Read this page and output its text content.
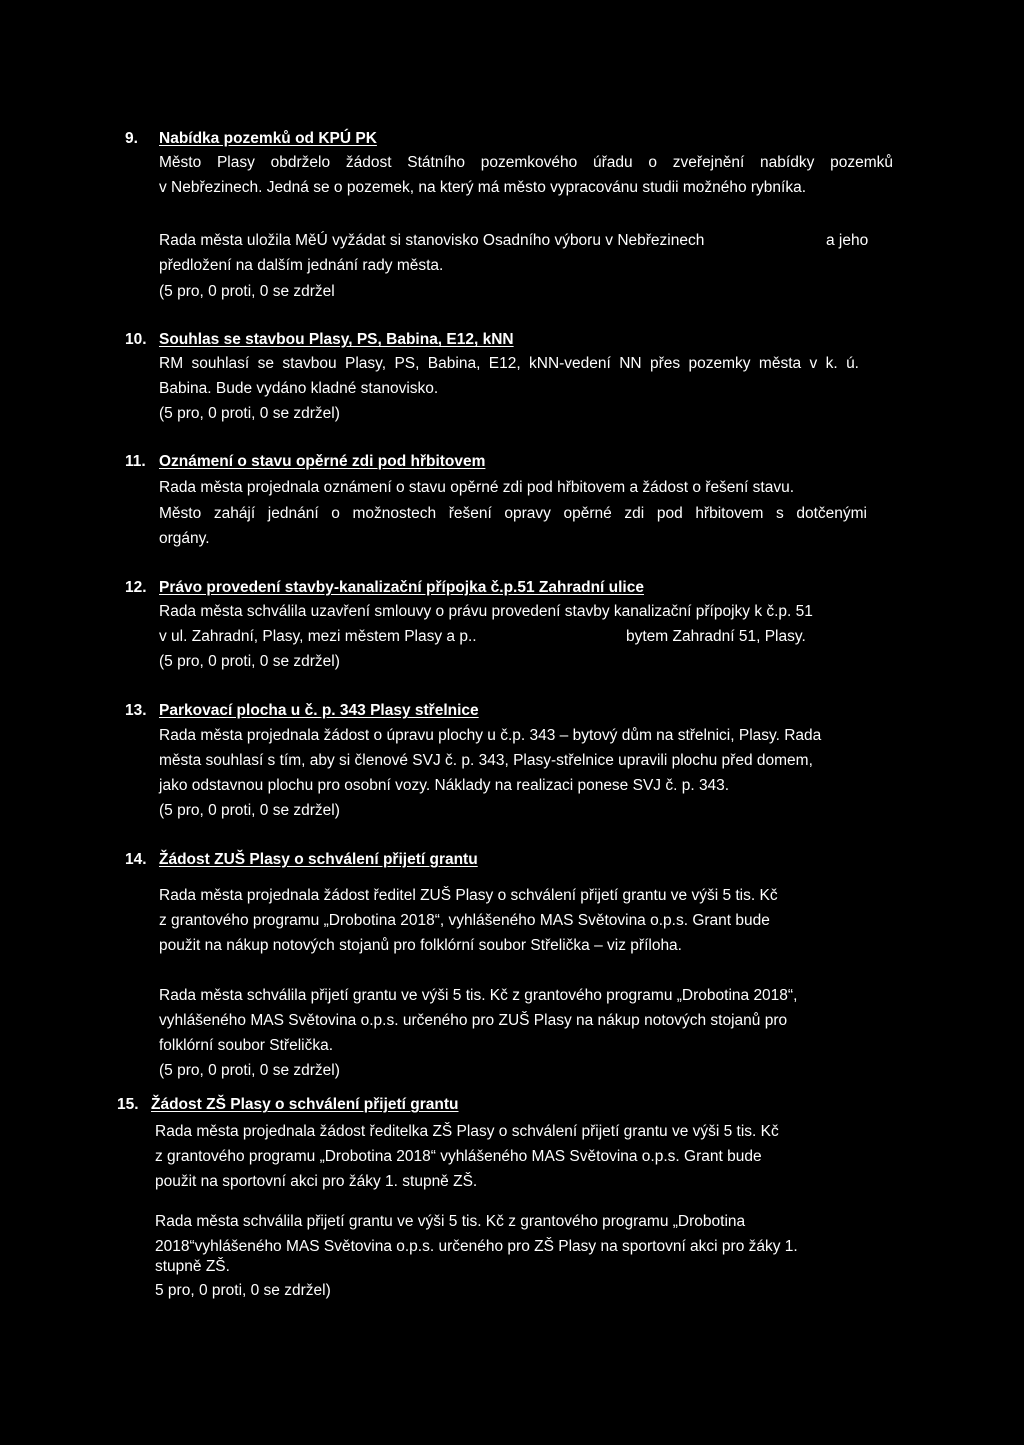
9. Nabídka pozemků od KPÚ PK
Město Plasy obdrželo žádost Státního pozemkového úřadu o zveřejnění nabídky pozemků
v Nebřezinech. Jedná se o pozemek, na který má město vypracovánu studii možného rybníka.
Rada města uložila MěÚ vyžádat si stanovisko Osadního výboru v Nebřezinech	a jeho
předložení na dalším jednání rady města.
(5 pro, 0 proti, 0 se zdržel
10. Souhlas se stavbou Plasy, PS, Babina, E12, kNN
RM souhlasí se stavbou Plasy, PS, Babina, E12, kNN-vedení NN přes pozemky města v k. ú.
Babina. Bude vydáno kladné stanovisko.
(5 pro, 0 proti, 0 se zdržel)
11. Oznámení o stavu opěrné zdi pod hřbitovem
Rada města projednala oznámení o stavu opěrné zdi pod hřbitovem a žádost o řešení stavu.
Město zahájí jednání o možnostech řešení opravy opěrné zdi pod hřbitovem s dotčenými
orgány.
12. Právo provedení stavby-kanalizační přípojka č.p.51 Zahradní ulice
Rada města schválila uzavření smlouvy o právu provedení stavby kanalizační přípojky k č.p. 51
v ul. Zahradní, Plasy, mezi městem Plasy a p..	bytem Zahradní 51, Plasy.
(5 pro, 0 proti, 0 se zdržel)
13. Parkovací plocha u č. p. 343 Plasy střelnice
Rada města projednala žádost o úpravu plochy u č.p. 343 – bytový dům na střelnici, Plasy. Rada
města souhlasí s tím, aby si členové SVJ č. p. 343, Plasy-střelnice upravili plochu před domem,
jako odstavnou plochu pro osobní vozy. Náklady na realizaci ponese SVJ č. p. 343.
(5 pro, 0 proti, 0 se zdržel)
14. Žádost ZUŠ Plasy o schválení přijetí grantu
Rada města projednala žádost ředitel ZUŠ Plasy o schválení přijetí grantu ve výši 5 tis. Kč
z grantového programu „Drobotina 2018“, vyhlášeného MAS Světovina o.p.s. Grant bude
použit na nákup notových stojanů pro folklórní soubor Střelička – viz příloha.
Rada města schválila přijetí grantu ve výši 5 tis. Kč z grantového programu „Drobotina 2018“,
vyhlášeného MAS Světovina o.p.s. určeného pro ZUŠ Plasy na nákup notových stojanů pro
folklórní soubor Střelička.
(5 pro, 0 proti, 0 se zdržel)
15. Žádost ZŠ Plasy o schválení přijetí grantu
Rada města projednala žádost ředitelka ZŠ Plasy o schválení přijetí grantu ve výši 5 tis. Kč
z grantového programu „Drobotina 2018“ vyhlášeného MAS Světovina o.p.s. Grant bude
použit na sportovní akci pro žáky 1. stupně ZŠ.
Rada města schválila přijetí grantu ve výši 5 tis. Kč z grantového programu „Drobotina
2018“vyhlášeného MAS Světovina o.p.s. určeného pro ZŠ Plasy na sportovní akci pro žáky 1.
stupně ZŠ.
5 pro, 0 proti, 0 se zdržel)
